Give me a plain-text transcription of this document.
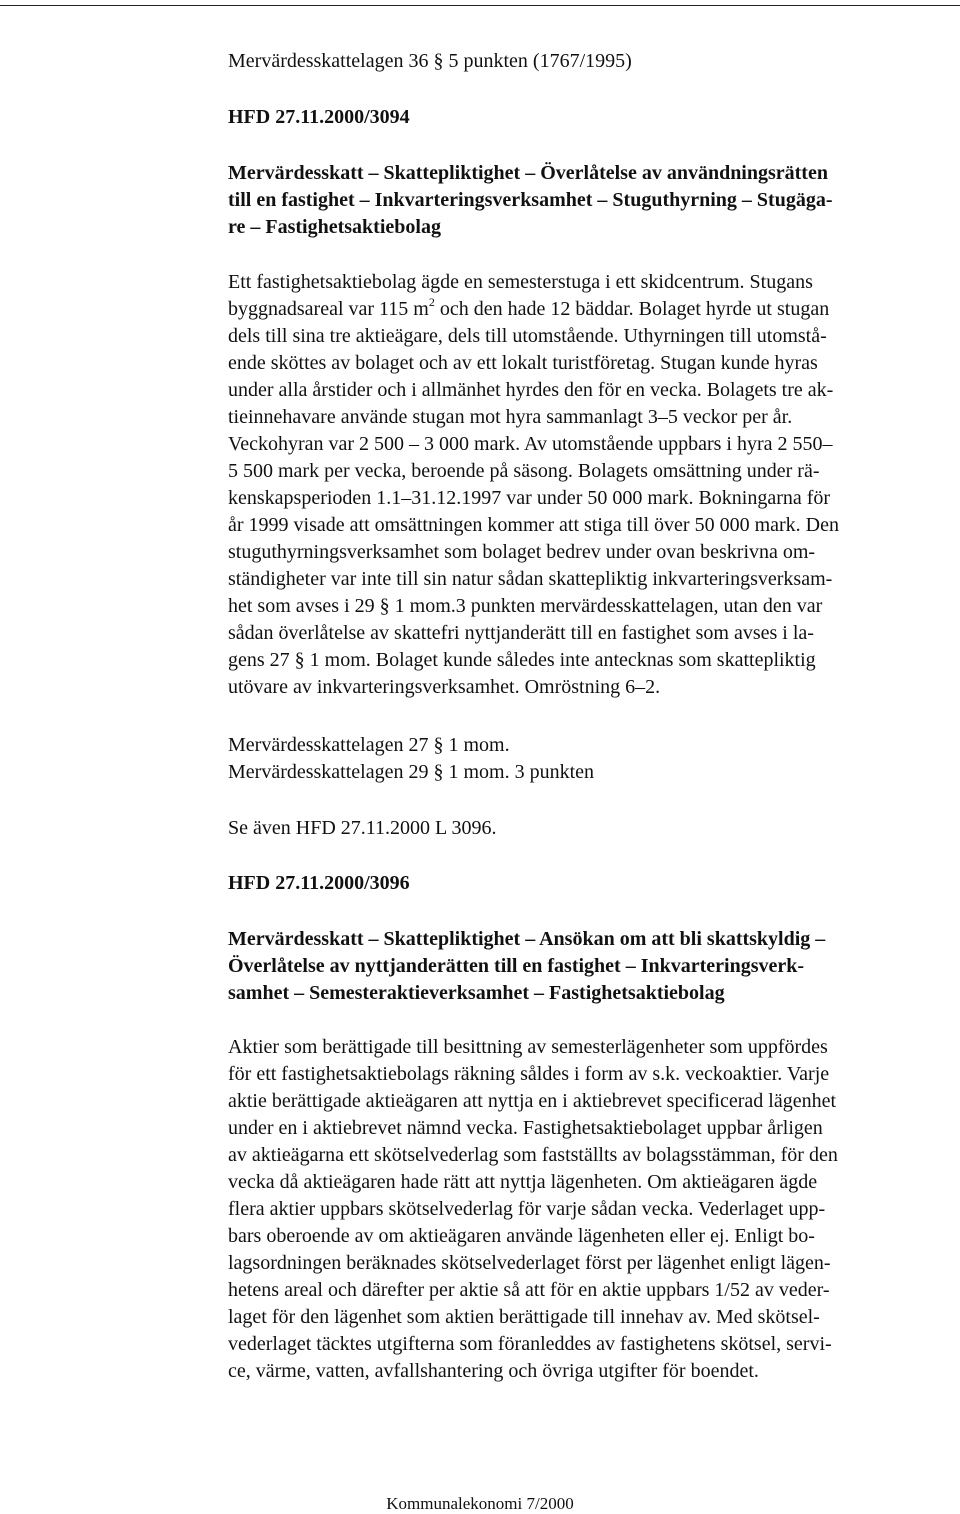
Mervärdesskattelagen 36 § 5 punkten (1767/1995)
HFD 27.11.2000/3094
Mervärdesskatt – Skattepliktighet – Överlåtelse av användningsrätten
till en fastighet – Inkvarteringsverksamhet – Stuguthyrning – Stugäga-
re – Fastighetsaktiebolag
Ett fastighetsaktiebolag ägde en semesterstuga i ett skidcentrum. Stugans
byggnadsareal var 115 $m^2$ och den hade 12 bäddar. Bolaget hyrde ut stugan
dels till sina tre aktieägare, dels till utomstående. Uthyrningen till utomstå-
ende sköttes av bolaget och av ett lokalt turistföretag. Stugan kunde hyras
under alla årstider och i allmänhet hyrdes den för en vecka. Bolagets tre ak-
tieinnehavare använde stugan mot hyra sammanlagt 3–5 veckor per år.
Veckohyran var 2 500 – 3 000 mark. Av utomstående uppbars i hyra 2 550–
5 500 mark per vecka, beroende på säsong. Bolagets omsättning under rä-
kenskapsperioden 1.1–31.12.1997 var under 50 000 mark. Bokningarna för
år 1999 visade att omsättningen kommer att stiga till över 50 000 mark. Den
stuguthyrningsverksamhet som bolaget bedrev under ovan beskrivna om-
ständigheter var inte till sin natur sådan skattepliktig inkvarteringsverksam-
het som avses i 29 § 1 mom.3 punkten mervärdesskattelagen, utan den var
sådan överlåtelse av skattefri nyttjanderätt till en fastighet som avses i la-
gens 27 § 1 mom. Bolaget kunde således inte antecknas som skattepliktig
utövare av inkvarteringsverksamhet. Omröstning 6–2.
Mervärdesskattelagen 27 § 1 mom.
Mervärdesskattelagen 29 § 1 mom. 3 punkten
Se även HFD 27.11.2000 L 3096.
HFD 27.11.2000/3096
Mervärdesskatt – Skattepliktighet – Ansökan om att bli skattskyldig –
Överlåtelse av nyttjanderätten till en fastighet – Inkvarteringsverk-
samhet – Semesteraktieverksamhet – Fastighetsaktiebolag
Aktier som berättigade till besittning av semesterlägenheter som uppfördes
för ett fastighetsaktiebolags räkning såldes i form av s.k. veckoaktier. Varje
aktie berättigade aktieägaren att nyttja en i aktiebrevet specificerad lägenhet
under en i aktiebrevet nämnd vecka. Fastighetsaktiebolaget uppbar årligen
av aktieägarna ett skötselvederlag som fastställts av bolagsstämman, för den
vecka då aktieägaren hade rätt att nyttja lägenheten. Om aktieägaren ägde
flera aktier uppbars skötselvederlag för varje sådan vecka. Vederlaget upp-
bars oberoende av om aktieägaren använde lägenheten eller ej. Enligt bo-
lagsordningen beräknades skötselvederlaget först per lägenhet enligt lägen-
hetens areal och därefter per aktie så att för en aktie uppbars 1/52 av veder-
laget för den lägenhet som aktien berättigade till innehav av. Med skötsel-
vederlaget täcktes utgifterna som föranleddes av fastighetens skötsel, servi-
ce, värme, vatten, avfallshantering och övriga utgifter för boendet.
Kommunalekonomi 7/2000
